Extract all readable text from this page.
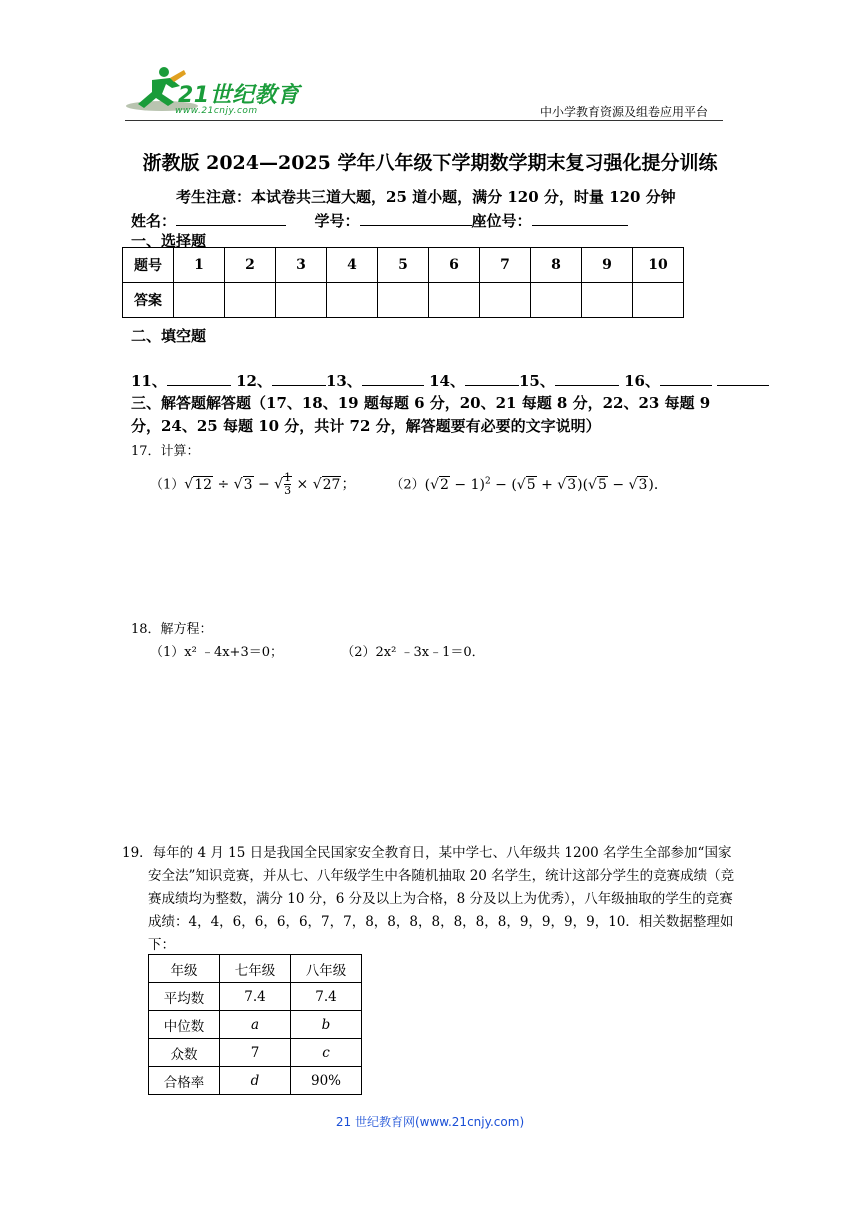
21世纪教育
www.21cnjy.com	中小学教育资源及组卷应用平台
浙教版 2024—2025 学年八年级下学期数学期末复习强化提分训练
考生注意：本试卷共三道大题，25 道小题，满分 120 分，时量 120 分钟
姓名：	学号：	座位号：
一、选择题
题号	1	2	3	4	5	6	7	8	9	10
答案										
二、填空题
11、	12、	13、	14、	15、	16、
三、解答题解答题（17、18、19 题每题 6 分，20、21 每题 8 分，22、23 每题 9 分，24、25 每题 10 分，共计 72 分，解答题要有必要的文字说明）
17．计算：
（1）√12 ÷ √3 − √ $\frac{1}{3} \times √27$；	$(2)(√2 - 1)^2 - (√5 + √3)(√5 - √3)$．
18．解方程：
（1）x² ﹣4x+3＝0；	（2）2x² ﹣3x﹣1＝0．
19．每年的 4 月 15 日是我国全民国家安全教育日，某中学七、八年级共 1200 名学生全部参加“国家安全法”知识竞赛，并从七、八年级学生中各随机抽取 20 名学生，统计这部分学生的竞赛成绩（竞赛成绩均为整数，满分 10 分，6 分及以上为合格，8 分及以上为优秀），八年级抽取的学生的竞赛成绩：4，4，6，6，6，6，7，7，8，8，8，8，8，8，8，9，9，9，9，10．相关数据整理如下：
年级	七年级	八年级
平均数	7.4	7.4
中位数	a	b
众数	7	c
合格率	d	90%
21 世纪教育网(www.21cnjy.com)
